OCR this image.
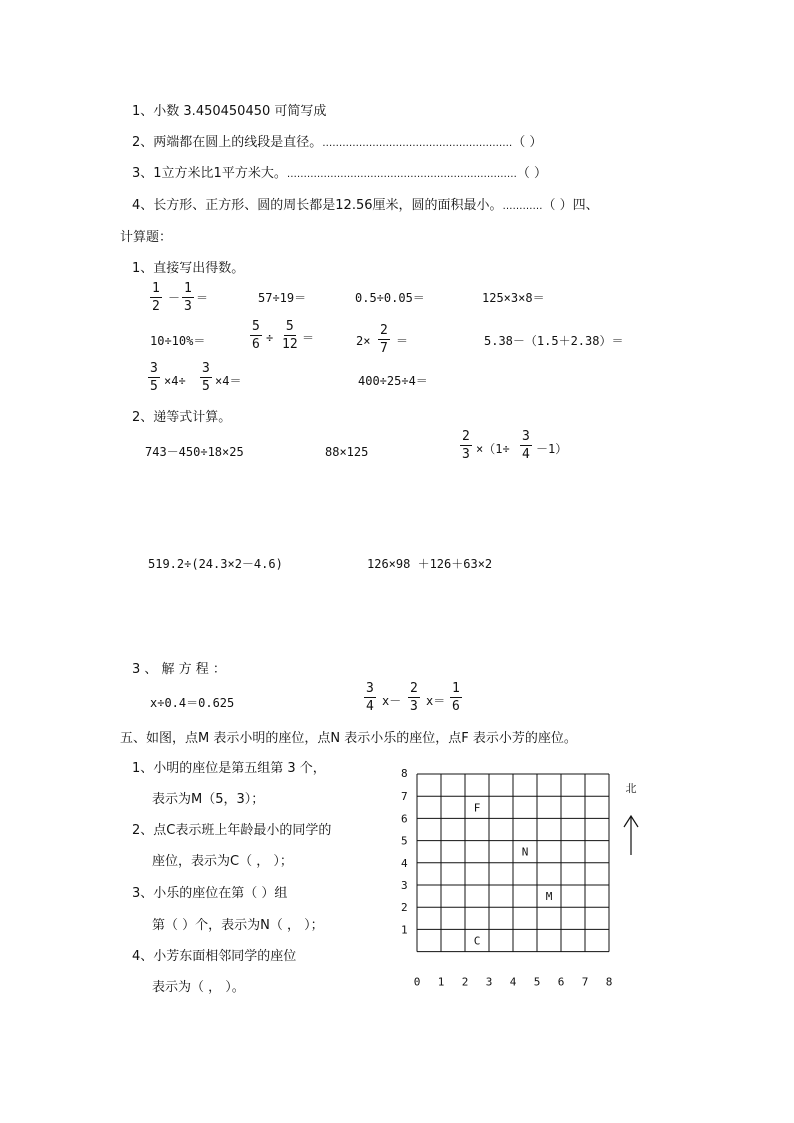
1、小数 3.450450450 可简写成
2、两端都在圆上的线段是直径。…………………………………………………（ ）
3、1立方米比1平方米大。……………………………………………………………（ ）
4、长方形、正方形、圆的周长都是12.56厘米，圆的面积最小。…………（ ）四、
计算题：
1、直接写出得数。
$\frac{1}{2} - \frac{1}{3}$ ＝	57÷19＝	0.5÷0.05＝	125×3×8＝
10÷10%＝	$\frac{5}{6} \div \frac{5}{12}$ ＝	$2\times \frac{2}{7}$ ＝	5.38－（1.5＋2.38）＝
$\frac{3}{5} \times 4\div \frac{3}{5} \times 4=$	400÷25÷4＝
2、递等式计算。
743－450÷18×25	88×125	$\frac{2}{3} \times(1\div \frac{3}{4} -1)$
519.2÷(24.3×2－4.6)	126×98 ＋126＋63×2
3 、 解 方 程 ：
x÷0.4＝0.625	$\frac{3}{4} x- \frac{2}{3} x= \frac{1}{6}$
五、如图，点M 表示小明的座位，点N 表示小乐的座位，点F 表示小芳的座位。
1、小明的座位是第五组第 3 个，
表示为M（5，3）；
2、点C表示班上年龄最小的同学的
座位，表示为C（ ， ）；
3、小乐的座位在第（ ）组
第（ ）个，表示为N（ ， ）；
4、小芳东面相邻同学的座位
表示为（ ， ）。	0 1 2 3 4 5 6 7 8
1
2
3
4
5
6
7
8
F
N
M
C
北
